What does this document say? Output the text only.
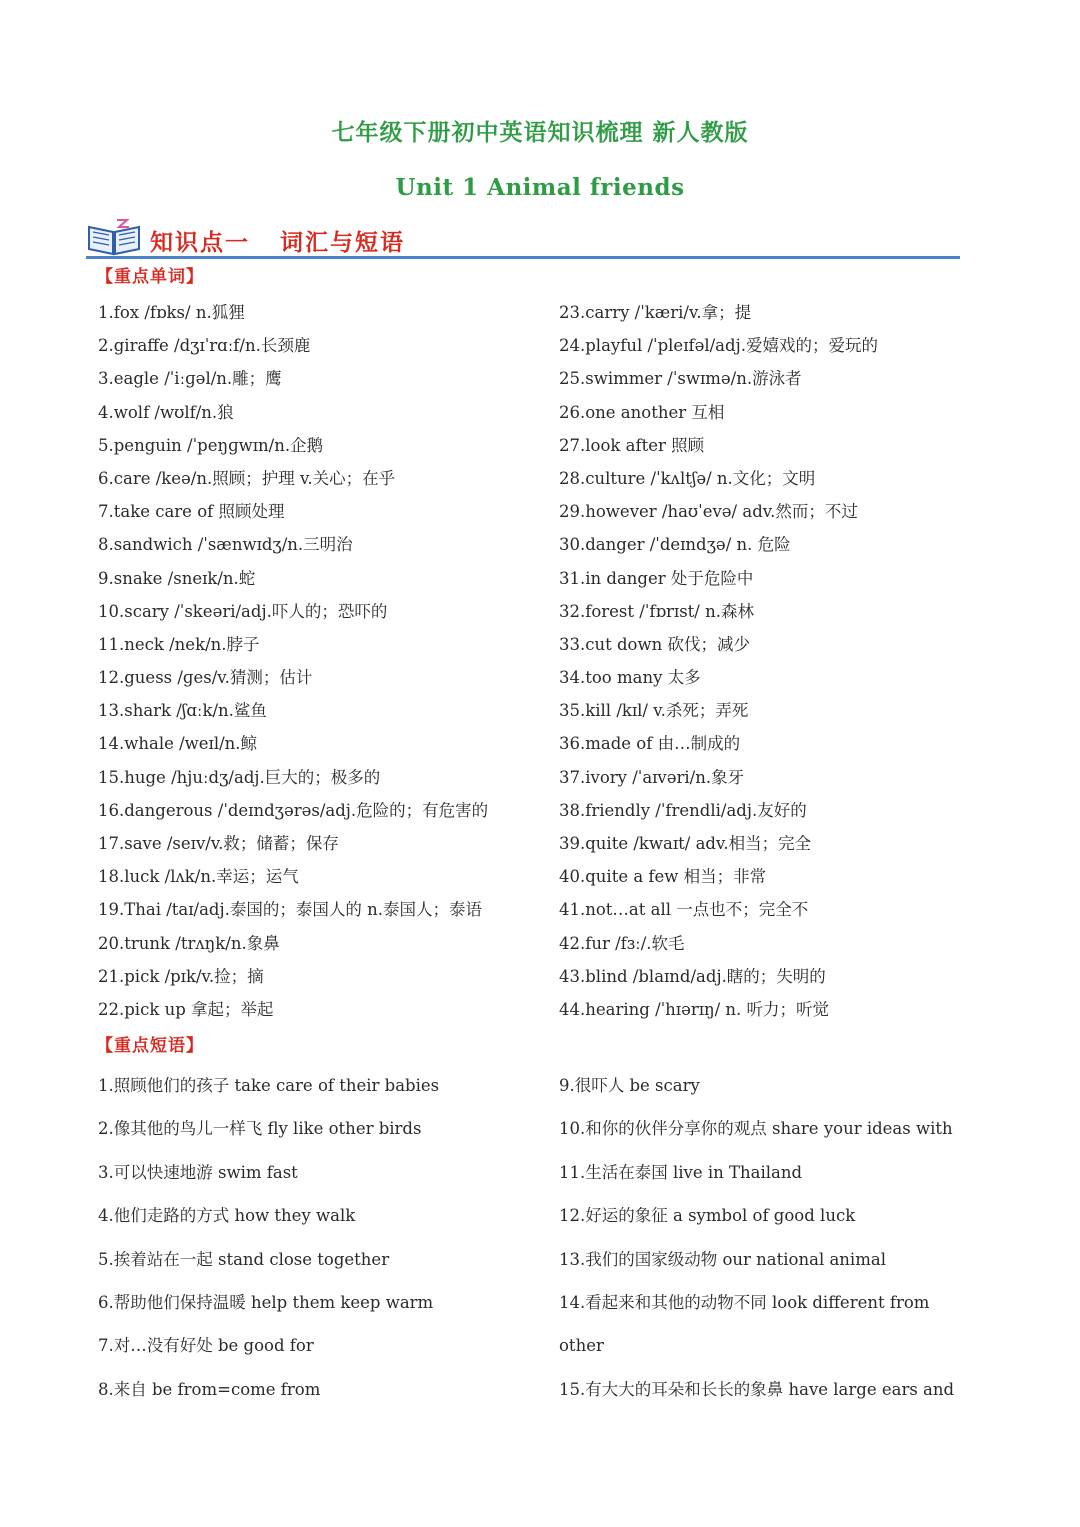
七年级下册初中英语知识梳理 新人教版
Unit 1 Animal friends
知识点一   词汇与短语
【重点单词】
1.fox /fɒks/ n.狐狸
2.giraffe /dʒɪˈrɑːf/n.长颈鹿
3.eagle /ˈiːɡəl/n.雕；鹰
4.wolf /wʊlf/n.狼
5.penguin /ˈpeŋɡwɪn/n.企鹅
6.care /keə/n.照顾；护理 v.关心；在乎
7.take care of 照顾处理
8.sandwich /ˈsænwɪdʒ/n.三明治
9.snake /sneɪk/n.蛇
10.scary /ˈskeəri/adj.吓人的；恐吓的
11.neck /nek/n.脖子
12.guess /ɡes/v.猜测；估计
13.shark /ʃɑːk/n.鲨鱼
14.whale /weɪl/n.鲸
15.huge /hjuːdʒ/adj.巨大的；极多的
16.dangerous /ˈdeɪndʒərəs/adj.危险的；有危害的
17.save /seɪv/v.救；储蓄；保存
18.luck /lʌk/n.幸运；运气
19.Thai /taɪ/adj.泰国的；泰国人的 n.泰国人；泰语
20.trunk /trʌŋk/n.象鼻
21.pick /pɪk/v.捡；摘
22.pick up 拿起；举起
23.carry /ˈkæri/v.拿；提
24.playful /ˈpleɪfəl/adj.爱嬉戏的；爱玩的
25.swimmer /ˈswɪmə/n.游泳者
26.one another 互相
27.look after 照顾
28.culture /ˈkʌltʃə/ n.文化；文明
29.however /haʊˈevə/ adv.然而；不过
30.danger /ˈdeɪndʒə/ n. 危险
31.in danger 处于危险中
32.forest /ˈfɒrɪst/ n.森林
33.cut down 砍伐；减少
34.too many 太多
35.kill /kɪl/ v.杀死；弄死
36.made of 由…制成的
37.ivory /ˈaɪvəri/n.象牙
38.friendly /ˈfrendli/adj.友好的
39.quite /kwaɪt/ adv.相当；完全
40.quite a few 相当；非常
41.not…at all 一点也不；完全不
42.fur /fɜː/.软毛
43.blind /blaɪnd/adj.瞎的；失明的
44.hearing /ˈhɪərɪŋ/ n. 听力；听觉
【重点短语】
1.照顾他们的孩子 take care of their babies
2.像其他的鸟儿一样飞 fly like other birds
3.可以快速地游 swim fast
4.他们走路的方式 how they walk
5.挨着站在一起 stand close together
6.帮助他们保持温暖 help them keep warm
7.对…没有好处 be good for
8.来自 be from=come from
9.很吓人 be scary
10.和你的伙伴分享你的观点 share your ideas with
11.生活在泰国 live in Thailand
12.好运的象征 a symbol of good luck
13.我们的国家级动物 our national animal
14.看起来和其他的动物不同 look different from
other
15.有大大的耳朵和长长的象鼻 have large ears and
